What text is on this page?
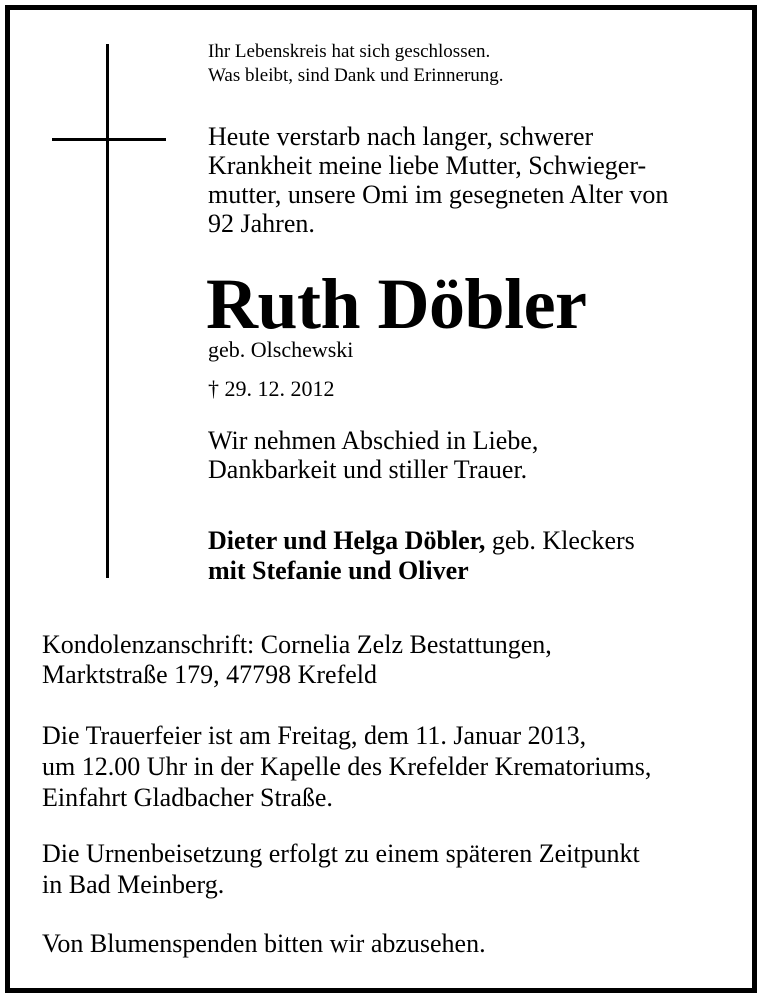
Ihr Lebenskreis hat sich geschlossen.
Was bleibt, sind Dank und Erinnerung.
Heute verstarb nach langer, schwerer
Krankheit meine liebe Mutter, Schwieger-
mutter, unsere Omi im gesegneten Alter von
92 Jahren.
Ruth Döbler
geb. Olschewski
† 29. 12. 2012
Wir nehmen Abschied in Liebe,
Dankbarkeit und stiller Trauer.
Dieter und Helga Döbler, geb. Kleckers
mit Stefanie und Oliver
Kondolenzanschrift: Cornelia Zelz Bestattungen,
Marktstraße 179, 47798 Krefeld
Die Trauerfeier ist am Freitag, dem 11. Januar 2013,
um 12.00 Uhr in der Kapelle des Krefelder Krematoriums,
Einfahrt Gladbacher Straße.
Die Urnenbeisetzung erfolgt zu einem späteren Zeitpunkt
in Bad Meinberg.
Von Blumenspenden bitten wir abzusehen.
